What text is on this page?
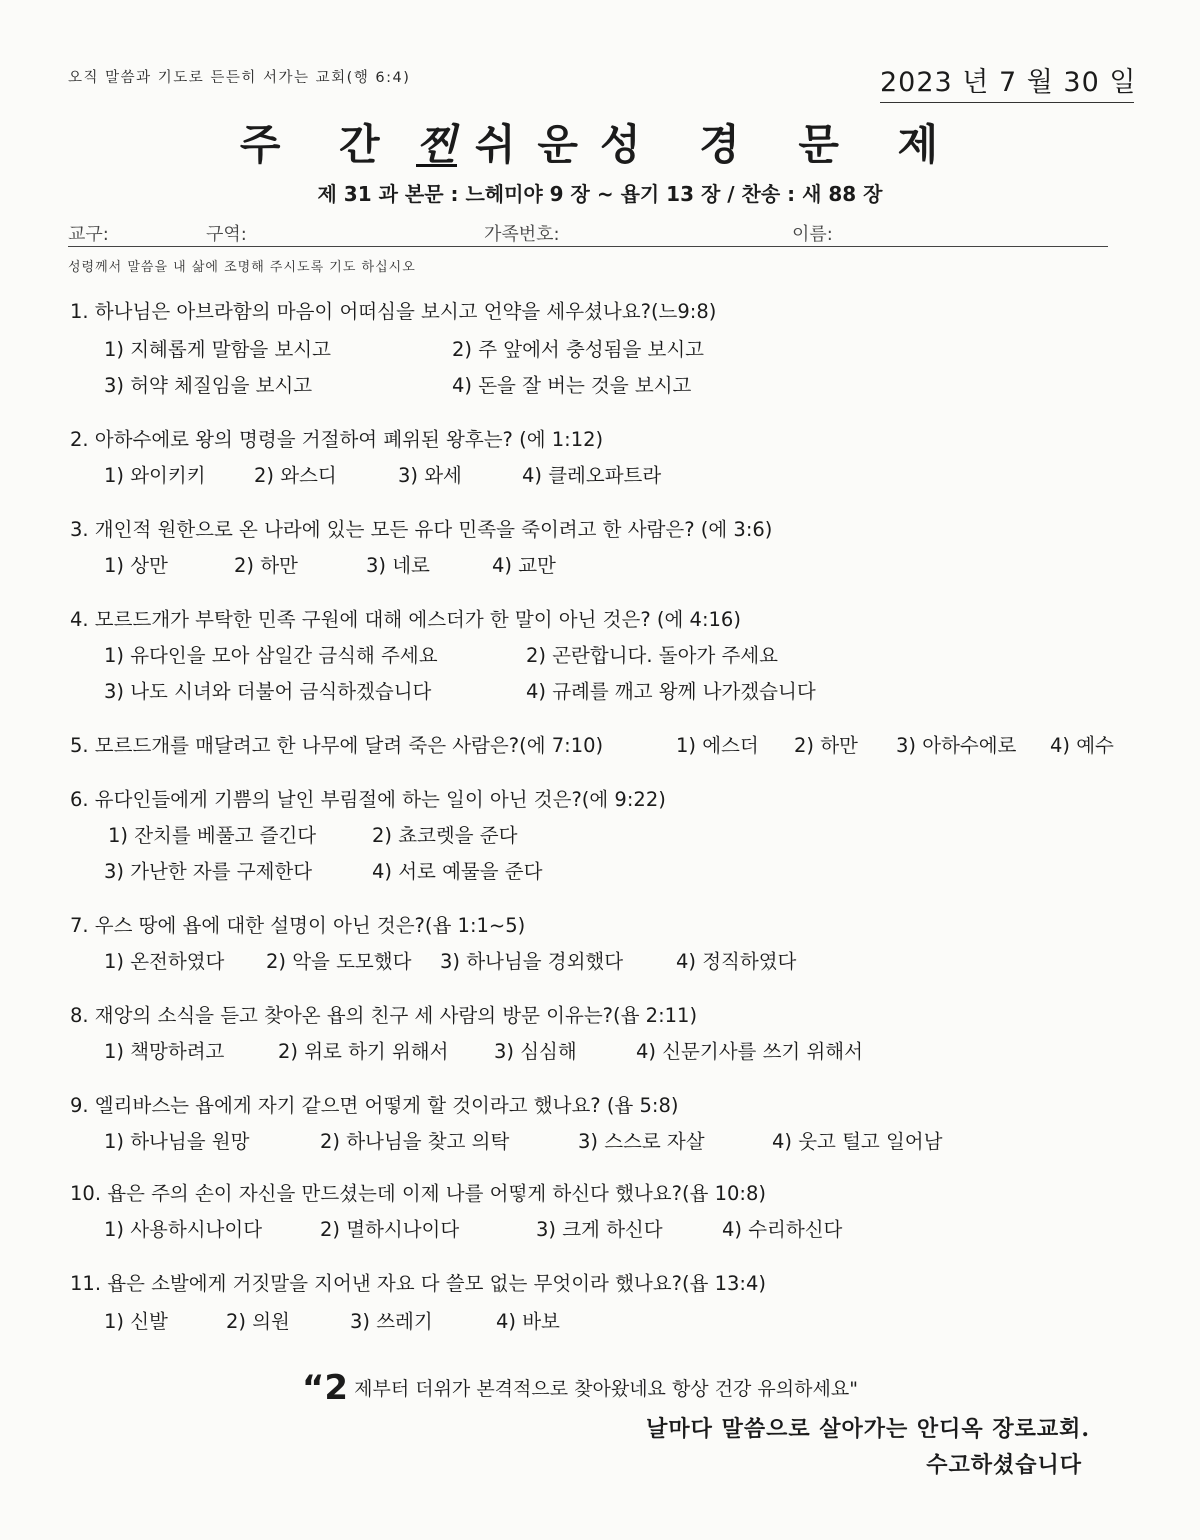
오직 말씀과 기도로 든든히 서가는 교회(행 6:4)	2023 년 7 월 30 일
주 간 찐 쉬운성 경 문 제
제 31 과 본문 : 느헤미야 9 장 ~ 욥기 13 장 / 찬송 : 새 88 장
교구:	구역:	가족번호:	이름:
성령께서 말씀을 내 삶에 조명해 주시도록 기도 하십시오
1. 하나님은 아브라함의 마음이 어떠심을 보시고 언약을 세우셨나요?(느9:8)
1) 지혜롭게 말함을 보시고	2) 주 앞에서 충성됨을 보시고
3) 허약 체질임을 보시고	4) 돈을 잘 버는 것을 보시고
2. 아하수에로 왕의 명령을 거절하여 폐위된 왕후는? (에 1:12)
1) 와이키키 2) 와스디	3) 와세	4) 클레오파트라
3. 개인적 원한으로 온 나라에 있는 모든 유다 민족을 죽이려고 한 사람은? (에 3:6)
1) 상만	2) 하만	3) 네로	4) 교만
4. 모르드개가 부탁한 민족 구원에 대해 에스더가 한 말이 아닌 것은? (에 4:16)
1) 유다인을 모아 삼일간 금식해 주세요	2) 곤란합니다. 돌아가 주세요
3) 나도 시녀와 더불어 금식하겠습니다	4) 규례를 깨고 왕께 나가겠습니다
5. 모르드개를 매달려고 한 나무에 달려 죽은 사람은?(에 7:10)	1) 에스더 2) 하만 3) 아하수에로 4) 예수
6. 유다인들에게 기쁨의 날인 부림절에 하는 일이 아닌 것은?(에 9:22)
1) 잔치를 베풀고 즐긴다	2) 쵸코렛을 준다
3) 가난한 자를 구제한다	4) 서로 예물을 준다
7. 우스 땅에 욥에 대한 설명이 아닌 것은?(욥 1:1~5)
1) 온전하였다 2) 악을 도모했다 3) 하나님을 경외했다	4) 정직하였다
8. 재앙의 소식을 듣고 찾아온 욥의 친구 세 사람의 방문 이유는?(욥 2:11)
1) 책망하려고	2) 위로 하기 위해서 3) 심심해	4) 신문기사를 쓰기 위해서
9. 엘리바스는 욥에게 자기 같으면 어떻게 할 것이라고 했나요? (욥 5:8)
1) 하나님을 원망	2) 하나님을 찾고 의탁	3) 스스로 자살	4) 웃고 털고 일어남
10. 욥은 주의 손이 자신을 만드셨는데 이제 나를 어떻게 하신다 했나요?(욥 10:8)
1) 사용하시나이다	2) 멸하시나이다	3) 크게 하신다	4) 수리하신다
11. 욥은 소발에게 거짓말을 지어낸 자요 다 쓸모 없는 무엇이라 했나요?(욥 13:4)
1) 신발	2) 의원	3) 쓰레기	4) 바보
“2 제부터 더위가 본격적으로 찾아왔네요 항상 건강 유의하세요"
날마다 말씀으로 살아가는 안디옥 장로교회.
수고하셨습니다
